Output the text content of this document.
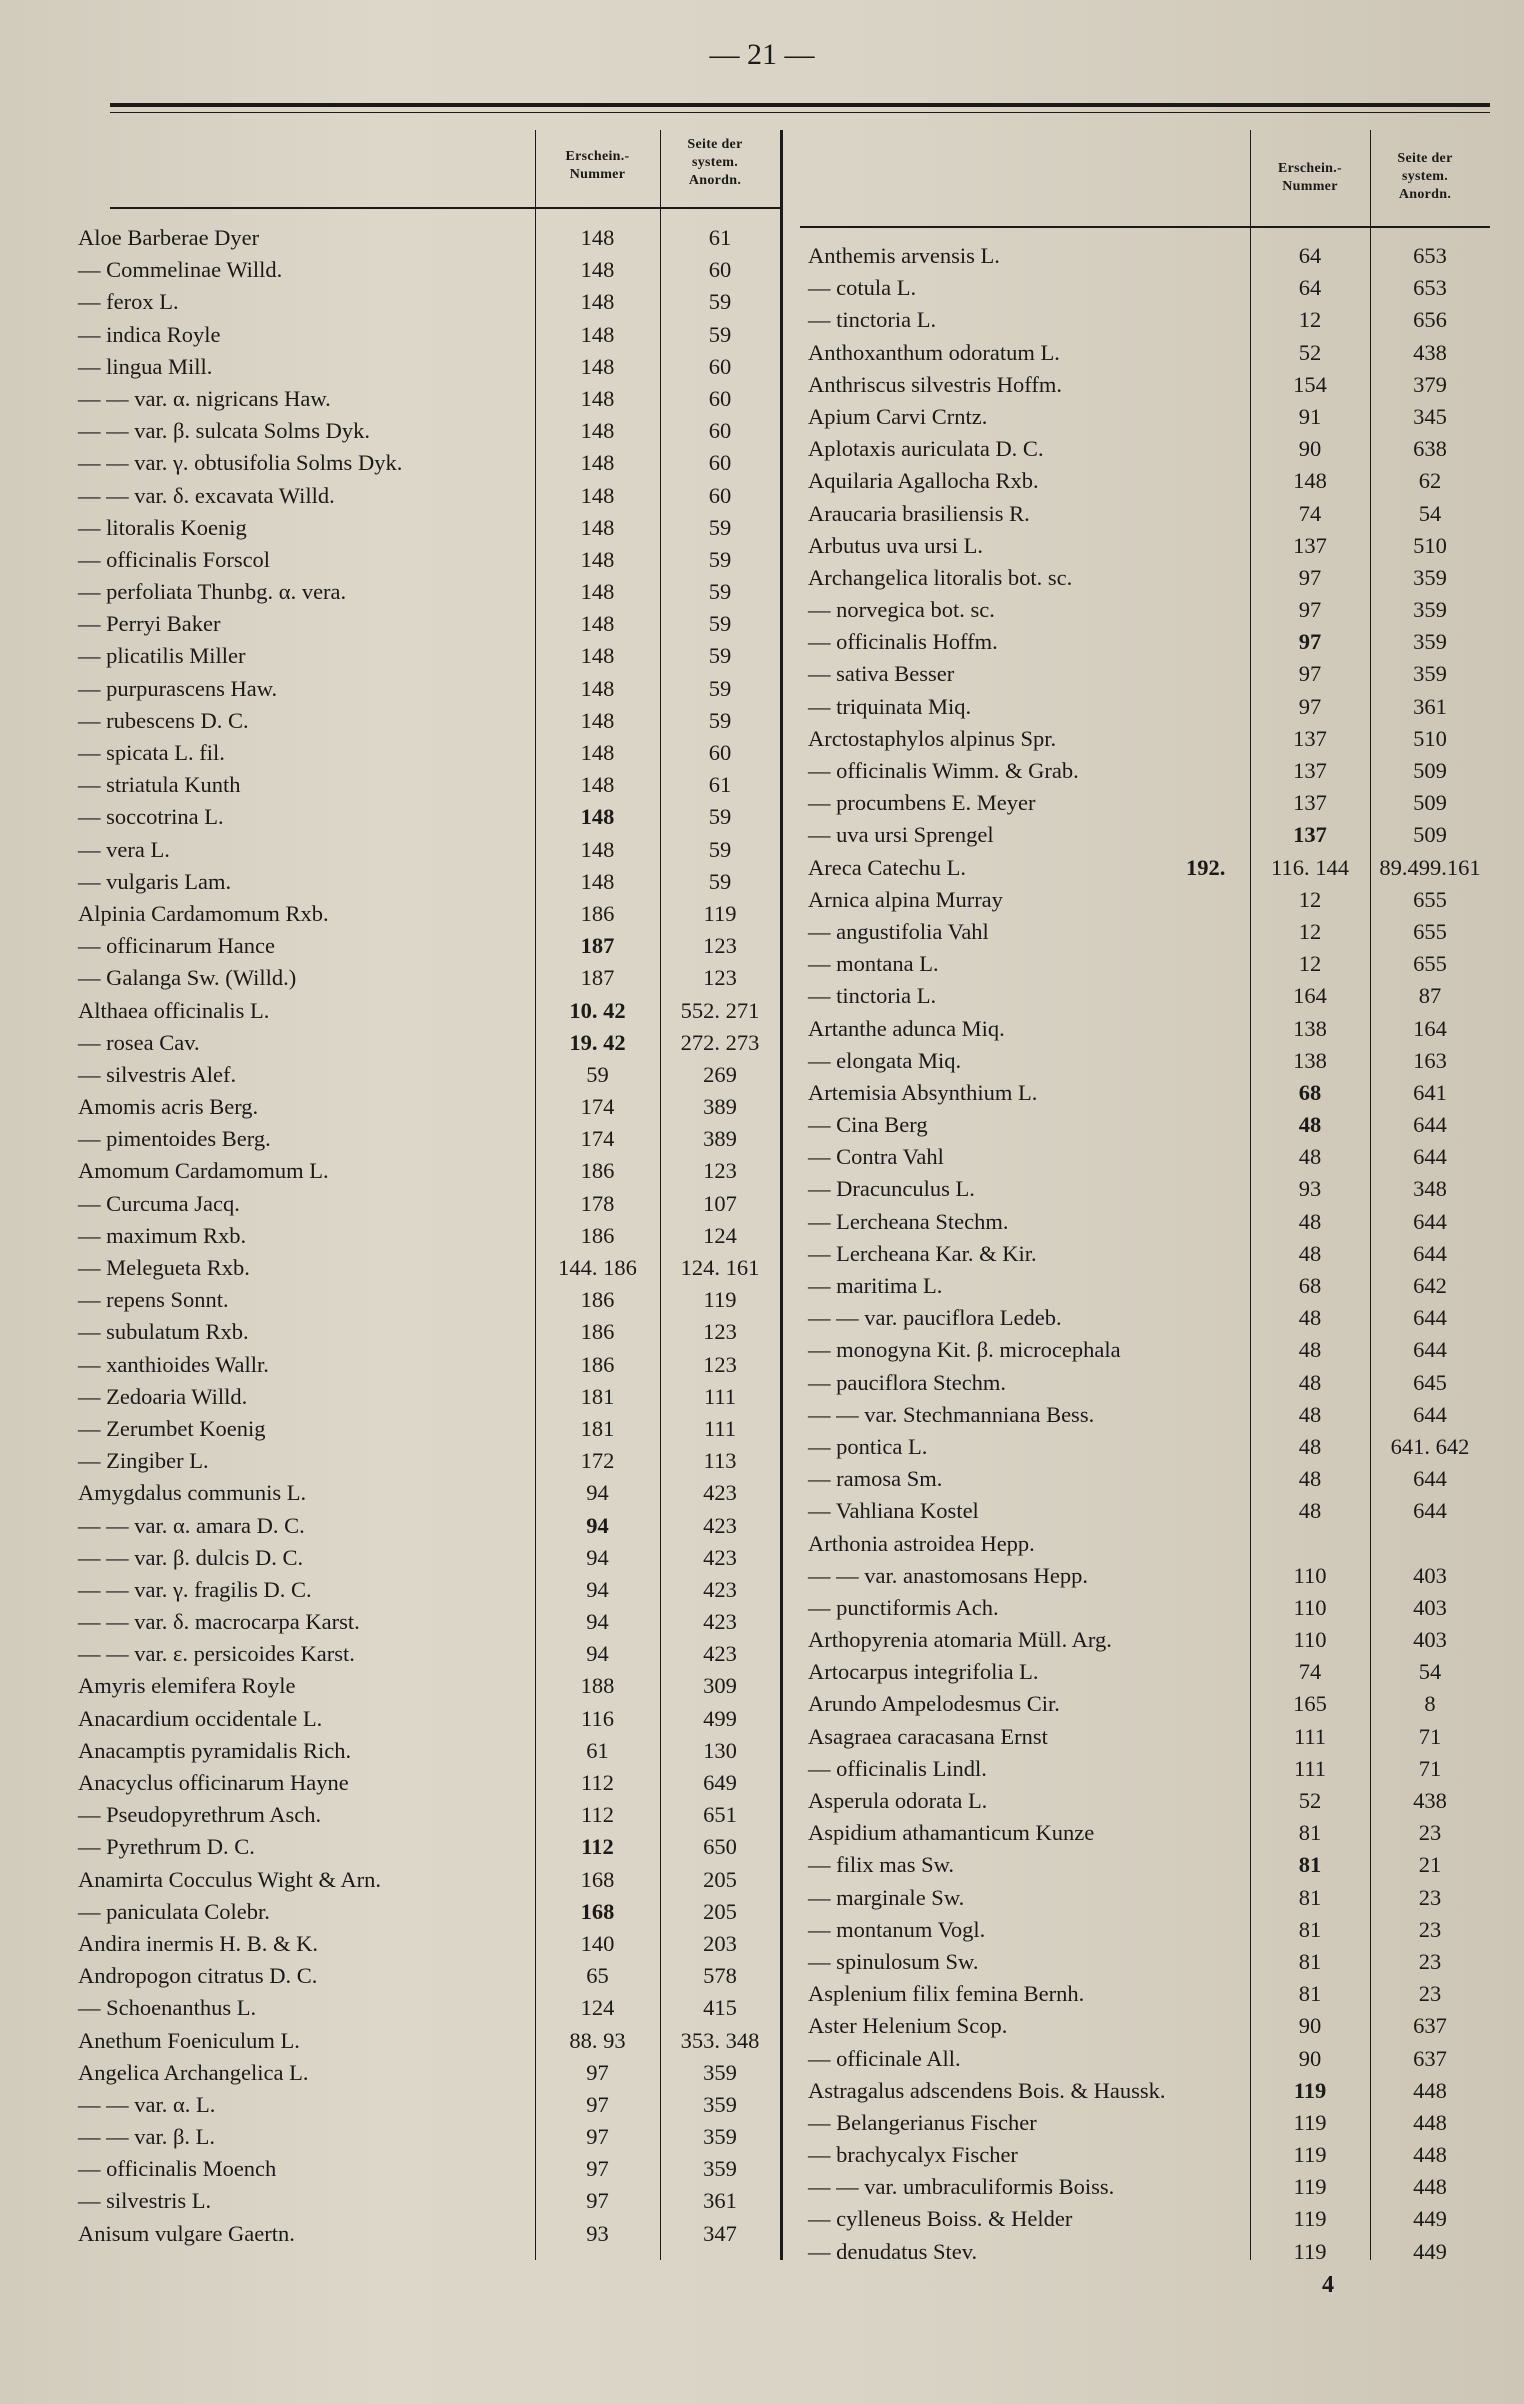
— 21 —
Erschein.-
Nummer
Seite der
system.
Anordn.
Erschein.-
Nummer
Seite der
system.
Anordn.
Aloe Barberae Dyer	148	61
— Commelinae Willd.	148	60
— ferox L.	148	59
— indica Royle	148	59
— lingua Mill.	148	60
— — var. α. nigricans Haw.	148	60
— — var. β. sulcata Solms Dyk.	148	60
— — var. γ. obtusifolia Solms Dyk.	148	60
— — var. δ. excavata Willd.	148	60
— litoralis Koenig	148	59
— officinalis Forscol	148	59
— perfoliata Thunbg. α. vera.	148	59
— Perryi Baker	148	59
— plicatilis Miller	148	59
— purpurascens Haw.	148	59
— rubescens D. C.	148	59
— spicata L. fil.	148	60
— striatula Kunth	148	61
— soccotrina L.	148	59
— vera L.	148	59
— vulgaris Lam.	148	59
Alpinia Cardamomum Rxb.	186	119
— officinarum Hance	187	123
— Galanga Sw. (Willd.)	187	123
Althaea officinalis L.	10. 42	552. 271
— rosea Cav.	19. 42	272. 273
— silvestris Alef.	59	269
Amomis acris Berg.	174	389
— pimentoides Berg.	174	389
Amomum Cardamomum L.	186	123
— Curcuma Jacq.	178	107
— maximum Rxb.	186	124
— Melegueta Rxb.	144. 186	124. 161
— repens Sonnt.	186	119
— subulatum Rxb.	186	123
— xanthioides Wallr.	186	123
— Zedoaria Willd.	181	111
— Zerumbet Koenig	181	111
— Zingiber L.	172	113
Amygdalus communis L.	94	423
— — var. α. amara D. C.	94	423
— — var. β. dulcis D. C.	94	423
— — var. γ. fragilis D. C.	94	423
— — var. δ. macrocarpa Karst.	94	423
— — var. ε. persicoides Karst.	94	423
Amyris elemifera Royle	188	309
Anacardium occidentale L.	116	499
Anacamptis pyramidalis Rich.	61	130
Anacyclus officinarum Hayne	112	649
— Pseudopyrethrum Asch.	112	651
— Pyrethrum D. C.	112	650
Anamirta Cocculus Wight & Arn.	168	205
— paniculata Colebr.	168	205
Andira inermis H. B. & K.	140	203
Andropogon citratus D. C.	65	578
— Schoenanthus L.	124	415
Anethum Foeniculum L.	88. 93	353. 348
Angelica Archangelica L.	97	359
— — var. α. L.	97	359
— — var. β. L.	97	359
— officinalis Moench	97	359
— silvestris L.	97	361
Anisum vulgare Gaertn.	93	347
Anthemis arvensis L.	64	653
— cotula L.	64	653
— tinctoria L.	12	656
Anthoxanthum odoratum L.	52	438
Anthriscus silvestris Hoffm.	154	379
Apium Carvi Crntz.	91	345
Aplotaxis auriculata D. C.	90	638
Aquilaria Agallocha Rxb.	148	62
Araucaria brasiliensis R.	74	54
Arbutus uva ursi L.	137	510
Archangelica litoralis bot. sc.	97	359
— norvegica bot. sc.	97	359
— officinalis Hoffm.	97	359
— sativa Besser	97	359
— triquinata Miq.	97	361
Arctostaphylos alpinus Spr.	137	510
— officinalis Wimm. & Grab.	137	509
— procumbens E. Meyer	137	509
— uva ursi Sprengel	137	509
Areca Catechu L.	192.	116. 144	89.499.161
Arnica alpina Murray	12	655
— angustifolia Vahl	12	655
— montana L.	12	655
— tinctoria L.	164	87
Artanthe adunca Miq.	138	164
— elongata Miq.	138	163
Artemisia Absynthium L.	68	641
— Cina Berg	48	644
— Contra Vahl	48	644
— Dracunculus L.	93	348
— Lercheana Stechm.	48	644
— Lercheana Kar. & Kir.	48	644
— maritima L.	68	642
— — var. pauciflora Ledeb.	48	644
— monogyna Kit. β. microcephala	48	644
— pauciflora Stechm.	48	645
— — var. Stechmanniana Bess.	48	644
— pontica L.	48	641. 642
— ramosa Sm.	48	644
— Vahliana Kostel	48	644
Arthonia astroidea Hepp.
— — var. anastomosans Hepp.	110	403
— punctiformis Ach.	110	403
Arthopyrenia atomaria Müll. Arg.	110	403
Artocarpus integrifolia L.	74	54
Arundo Ampelodesmus Cir.	165	8
Asagraea caracasana Ernst	111	71
— officinalis Lindl.	111	71
Asperula odorata L.	52	438
Aspidium athamanticum Kunze	81	23
— filix mas Sw.	81	21
— marginale Sw.	81	23
— montanum Vogl.	81	23
— spinulosum Sw.	81	23
Asplenium filix femina Bernh.	81	23
Aster Helenium Scop.	90	637
— officinale All.	90	637
Astragalus adscendens Bois. & Haussk.	119	448
— Belangerianus Fischer	119	448
— brachycalyx Fischer	119	448
— — var. umbraculiformis Boiss.	119	448
— cylleneus Boiss. & Helder	119	449
— denudatus Stev.	119	449
4
